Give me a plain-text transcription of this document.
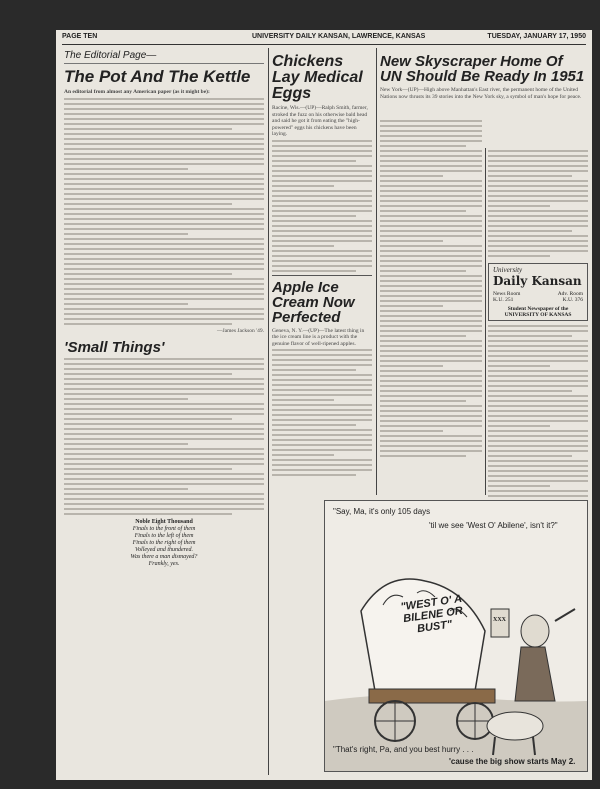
PAGE TEN	UNIVERSITY DAILY KANSAN, LAWRENCE, KANSAS	TUESDAY, JANUARY 17, 1950
The Editorial Page—
The Pot And The Kettle
An editorial from almost any American paper (as it might be):
—James Jackson '49.
'Small Things'
Noble Eight Thousand
Finals to the front of them
Finals to the left of them
Finals to the right of them
Volleyed and thundered.
Was there a man dismayed?
Frankly, yes.
Chickens Lay Medical Eggs
Racine, Wis.—(UP)—Ralph Smith, farmer, stroked the fuzz on his otherwise bald head and said he got it from eating the "high-powered" eggs his chickens have been laying.
Apple Ice Cream Now Perfected
Geneva, N. Y.—(UP)—The latest thing in the ice cream line is a product with the genuine flavor of well-ripened apples.
New Skyscraper Home Of UN Should Be Ready In 1951
New York—(UP)—High above Manhattan's East river, the permanent home of the United Nations now thrusts its 39 stories into the New York sky, a symbol of man's hope for peace.
University
Daily Kansan
News Room	Adv. Room
K.U. 251	K.U. 376
Student Newspaper of the UNIVERSITY OF KANSAS
"Say, Ma, it's only 105 days
'til we see 'West O' Abilene', isn't it?"
"WEST O' A BILENE OR BUST"	XXX
"That's right, Pa, and you best hurry . . .
'cause the big show starts May 2.
